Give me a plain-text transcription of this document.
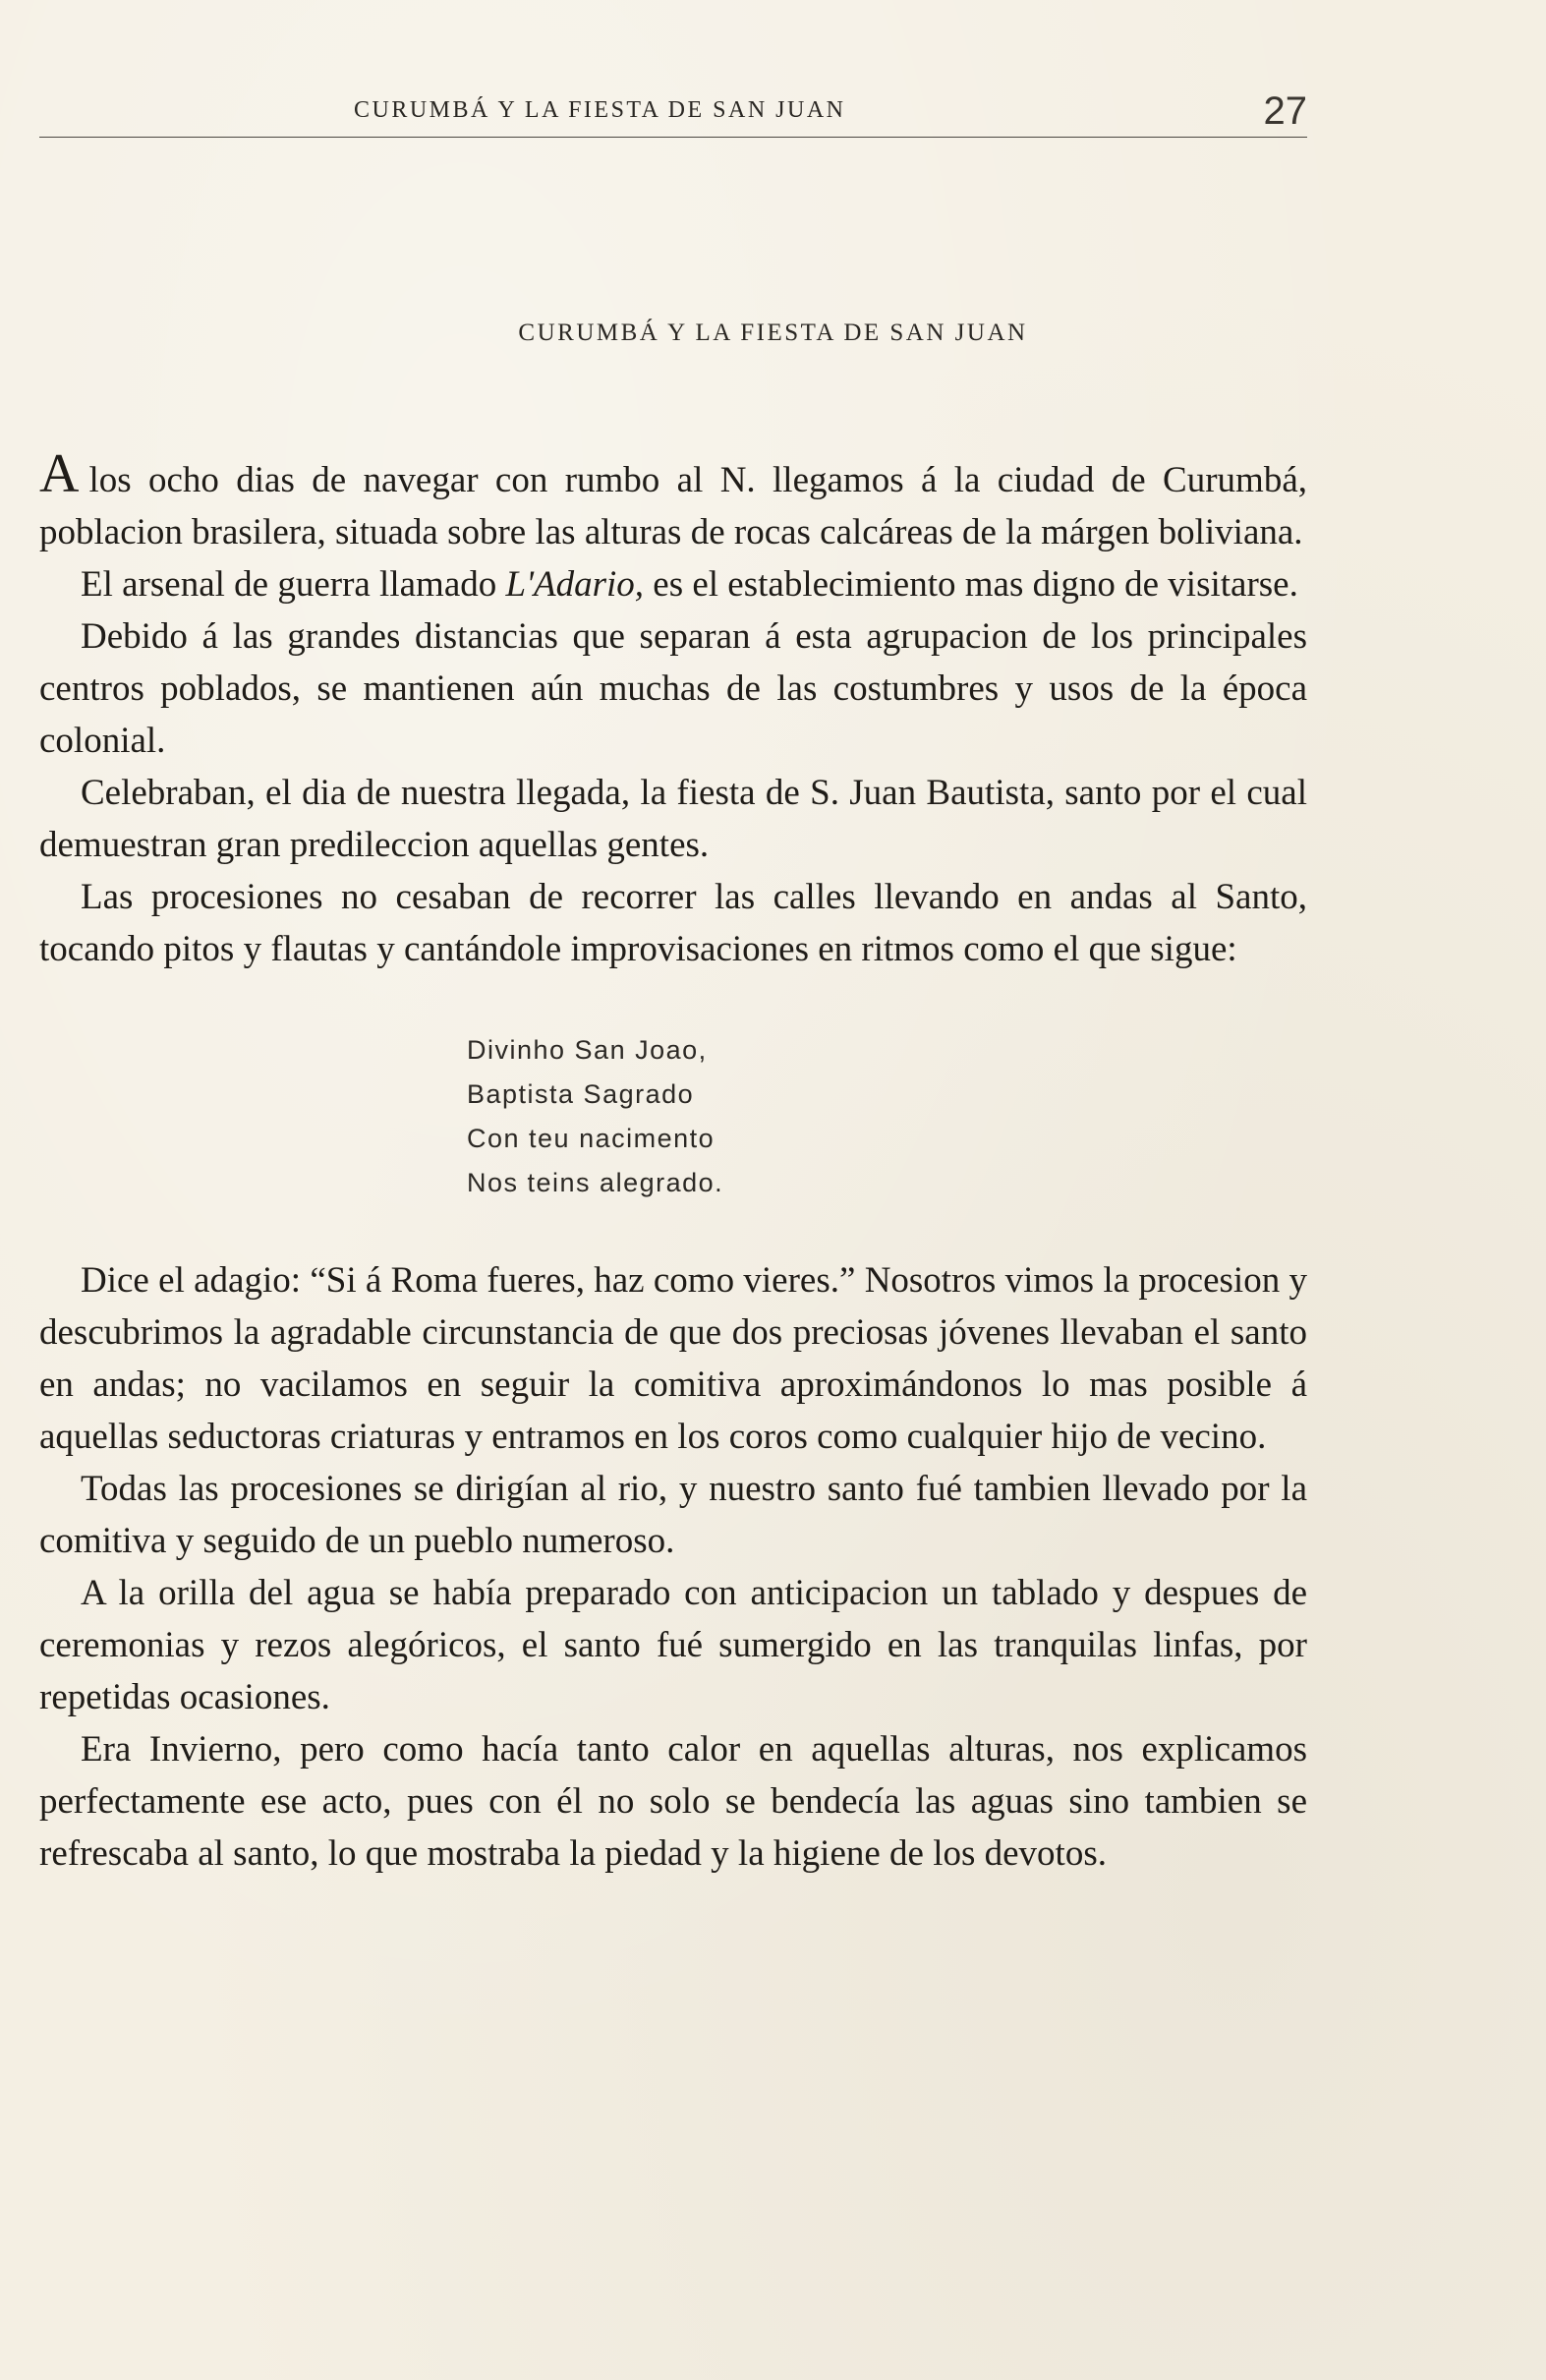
CURUMBÁ Y LA FIESTA DE SAN JUAN	27
CURUMBÁ Y LA FIESTA DE SAN JUAN

Alos ocho dias de navegar con rumbo al N. llegamos á la ciudad de Curumbá, poblacion brasilera, situada sobre las alturas de rocas calcáreas de la márgen boliviana.

El arsenal de guerra llamado L'Adario, es el establecimiento mas digno de visitarse.

Debido á las grandes distancias que separan á esta agrupacion de los principales centros poblados, se mantienen aún muchas de las costumbres y usos de la época colonial.

Celebraban, el dia de nuestra llegada, la fiesta de S. Juan Bautista, santo por el cual demuestran gran predileccion aquellas gentes.

Las procesiones no cesaban de recorrer las calles llevando en andas al Santo, tocando pitos y flautas y cantándole improvisaciones en ritmos como el que sigue:

Divinho San Joao,
Baptista Sagrado
Con teu nacimento
Nos teins alegrado.

Dice el adagio: “Si á Roma fueres, haz como vieres.” Nosotros vimos la procesion y descubrimos la agradable circunstancia de que dos preciosas jóvenes llevaban el santo en andas; no vacilamos en seguir la comitiva aproximándonos lo mas posible á aquellas seductoras criaturas y entramos en los coros como cualquier hijo de vecino.

Todas las procesiones se dirigían al rio, y nuestro santo fué tambien llevado por la comitiva y seguido de un pueblo numeroso.

A la orilla del agua se había preparado con anticipacion un tablado y despues de ceremonias y rezos alegóricos, el santo fué sumergido en las tranquilas linfas, por repetidas ocasiones.

Era Invierno, pero como hacía tanto calor en aquellas alturas, nos explicamos perfectamente ese acto, pues con él no solo se bendecía las aguas sino tambien se refrescaba al santo, lo que mostraba la piedad y la higiene de los devotos.
